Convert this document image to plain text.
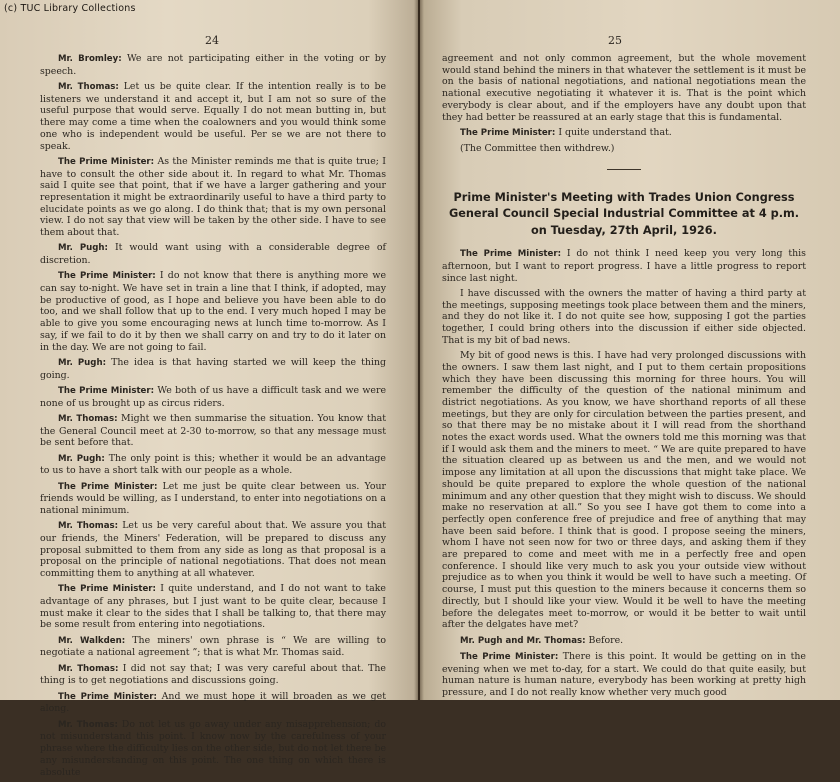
(c) TUC Library Collections
24

Mr. Bromley: We are not participating either in the voting or by speech.

Mr. Thomas: Let us be quite clear. If the intention really is to be listeners we understand it and accept it, but I am not so sure of the useful purpose that would serve. Equally I do not mean butting in, but there may come a time when the coalowners and you would think some one who is independent would be useful. Per se we are not there to speak.

The Prime Minister: As the Minister reminds me that is quite true; I have to consult the other side about it. In regard to what Mr. Thomas said I quite see that point, that if we have a larger gathering and your representation it might be extraordinarily useful to have a third party to elucidate points as we go along. I do think that; that is my own personal view. I do not say that view will be taken by the other side. I have to see them about that.

Mr. Pugh: It would want using with a considerable degree of discretion.

The Prime Minister: I do not know that there is anything more we can say to-night. We have set in train a line that I think, if adopted, may be productive of good, as I hope and believe you have been able to do too, and we shall follow that up to the end. I very much hoped I may be able to give you some encouraging news at lunch time to-morrow. As I say, if we fail to do it by then we shall carry on and try to do it later on in the day. We are not going to fail.

Mr. Pugh: The idea is that having started we will keep the thing going.

The Prime Minister: We both of us have a difficult task and we were none of us brought up as circus riders.

Mr. Thomas: Might we then summarise the situation. You know that the General Council meet at 2-30 to-morrow, so that any message must be sent before that.

Mr. Pugh: The only point is this; whether it would be an advantage to us to have a short talk with our people as a whole.

The Prime Minister: Let me just be quite clear between us. Your friends would be willing, as I understand, to enter into negotiations on a national minimum.

Mr. Thomas: Let us be very careful about that. We assure you that our friends, the Miners' Federation, will be prepared to discuss any proposal submitted to them from any side as long as that proposal is a proposal on the principle of national negotiations. That does not mean committing them to anything at all whatever.

The Prime Minister: I quite understand, and I do not want to take advantage of any phrases, but I just want to be quite clear, because I must make it clear to the sides that I shall be talking to, that there may be some result from entering into negotiations.

Mr. Walkden: The miners' own phrase is “ We are willing to negotiate a national agreement ”; that is what Mr. Thomas said.

Mr. Thomas: I did not say that; I was very careful about that. The thing is to get negotiations and discussions going.

The Prime Minister: And we must hope it will broaden as we get along.

Mr. Thomas: Do not let us go away under any misapprehension; do not misunderstand this point. I know now by the carefulness of your phrase where the difficulty lies on the other side, but do not let there be any misunderstanding on this point. The one thing on which there is absolute

25

agreement and not only common agreement, but the whole movement would stand behind the miners in that whatever the settlement is it must be on the basis of national negotiations, and national negotiations mean the national executive negotiating it whatever it is. That is the point which everybody is clear about, and if the employers have any doubt upon that they had better be reassured at an early stage that this is fundamental.

The Prime Minister: I quite understand that.

(The Committee then withdrew.)

Prime Minister's Meeting with Trades Union Congress General Council Special Industrial Committee at 4 p.m. on Tuesday, 27th April, 1926.

The Prime Minister: I do not think I need keep you very long this afternoon, but I want to report progress. I have a little progress to report since last night.

I have discussed with the owners the matter of having a third party at the meetings, supposing meetings took place between them and the miners, and they do not like it. I do not quite see how, supposing I got the parties together, I could bring others into the discussion if either side objected. That is my bit of bad news.

My bit of good news is this. I have had very prolonged discussions with the owners. I saw them last night, and I put to them certain propositions which they have been discussing this morning for three hours. You will remember the difficulty of the question of the national minimum and district negotiations. As you know, we have shorthand reports of all these meetings, but they are only for circulation between the parties present, and so that there may be no mistake about it I will read from the shorthand notes the exact words used. What the owners told me this morning was that if I would ask them and the miners to meet. “ We are quite prepared to have the situation cleared up as between us and the men, and we would not impose any limitation at all upon the discussions that might take place. We should be quite prepared to explore the whole question of the national minimum and any other question that they might wish to discuss. We should make no reservation at all.” So you see I have got them to come into a perfectly open conference free of prejudice and free of anything that may have been said before. I think that is good. I propose seeing the miners, whom I have not seen now for two or three days, and asking them if they are prepared to come and meet with me in a perfectly free and open conference. I should like very much to ask you your outside view without prejudice as to when you think it would be well to have such a meeting. Of course, I must put this question to the miners because it concerns them so directly, but I should like your view. Would it be well to have the meeting before the delegates meet to-morrow, or would it be better to wait until after the delgates have met?

Mr. Pugh and Mr. Thomas: Before.

The Prime Minister: There is this point. It would be getting on in the evening when we met to-day, for a start. We could do that quite easily, but human nature is human nature, everybody has been working at pretty high pressure, and I do not really know whether very much good
